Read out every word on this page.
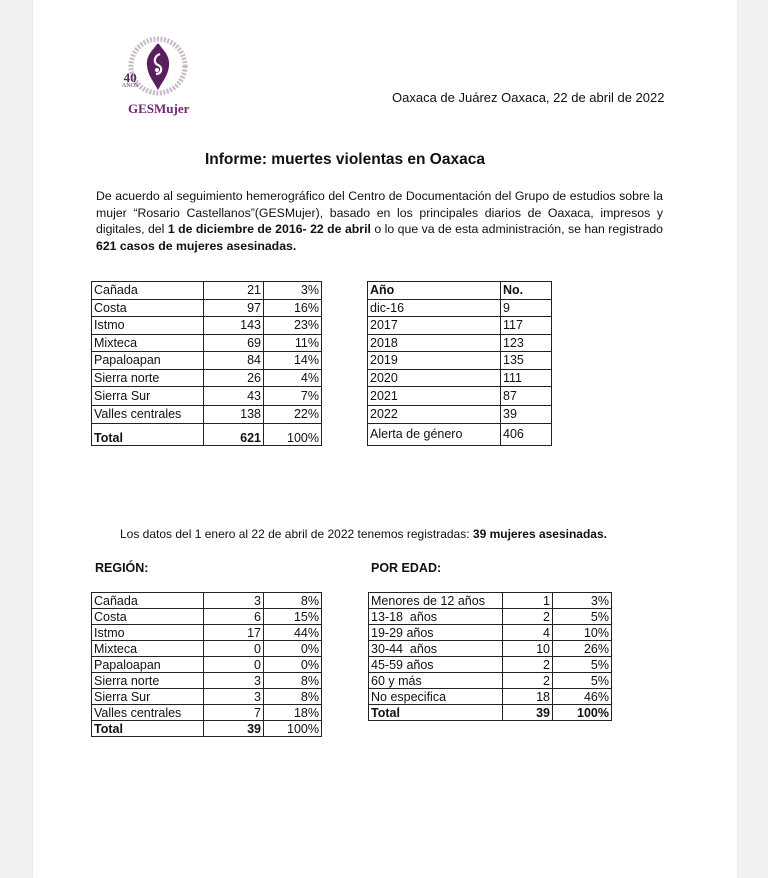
40
AÑOS
GESMujer
Oaxaca de Juárez Oaxaca, 22 de abril de 2022
Informe: muertes violentas en Oaxaca
De acuerdo al seguimiento hemerográfico del Centro de Documentación del Grupo de estudios sobre la mujer “Rosario Castellanos”(GESMujer), basado en los principales diarios de Oaxaca, impresos y digitales, del 1 de diciembre de 2016- 22 de abril o lo que va de esta administración, se han registrado 621 casos de mujeres asesinadas.
Cañada	21	3%
Costa	97	16%
Istmo	143	23%
Mixteca	69	11%
Papaloapan	84	14%
Sierra norte	26	4%
Sierra Sur	43	7%
Valles centrales	138	22%
Total	621	100%
Año	No.
dic-16	9
2017	117
2018	123
2019	135
2020	111
2021	87
2022	39
Alerta de género	406
Los datos del 1 enero al 22 de abril de 2022 tenemos registradas: 39 mujeres asesinadas.
REGIÓN:	POR EDAD:
Cañada	3	8%
Costa	6	15%
Istmo	17	44%
Mixteca	0	0%
Papaloapan	0	0%
Sierra norte	3	8%
Sierra Sur	3	8%
Valles centrales	7	18%
Total	39	100%
Menores de 12 años	1	3%
13-18  años	2	5%
19-29 años	4	10%
30-44  años	10	26%
45-59 años	2	5%
60 y más	2	5%
No especifica	18	46%
Total	39	100%
